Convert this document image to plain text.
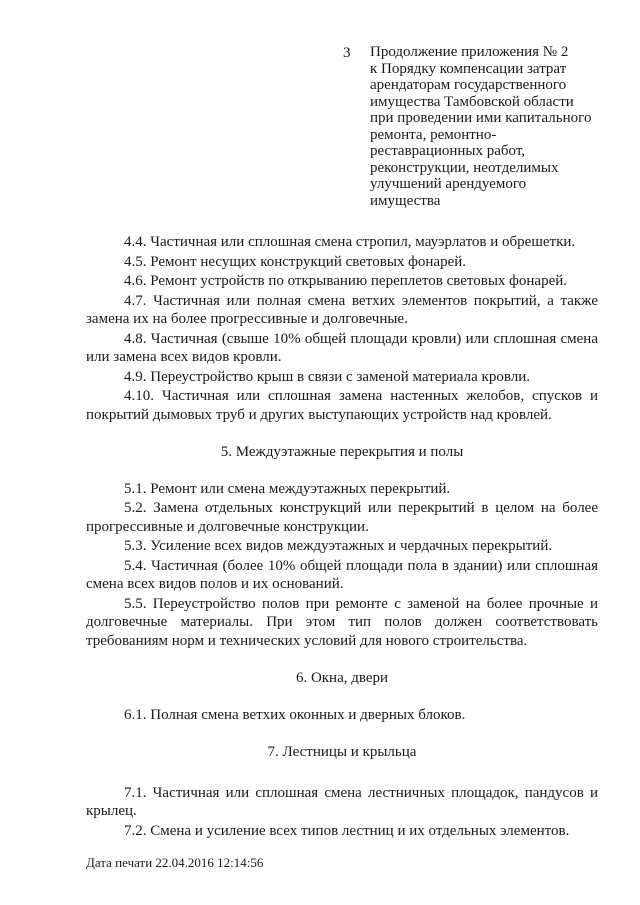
3 Продолжение приложения № 2
к Порядку компенсации затрат
арендаторам государственного
имущества Тамбовской области
при проведении ими капитального
ремонта, ремонтно-
реставрационных работ,
реконструкции, неотделимых
улучшений арендуемого
имущества

4.4. Частичная или сплошная смена стропил, мауэрлатов и обрешетки.

4.5. Ремонт несущих конструкций световых фонарей.

4.6. Ремонт устройств по открыванию переплетов световых фонарей.

4.7. Частичная или полная смена ветхих элементов покрытий, а также замена их на более прогрессивные и долговечные.

4.8. Частичная (свыше 10% общей площади кровли) или сплошная смена или замена всех видов кровли.

4.9. Переустройство крыш в связи с заменой материала кровли.

4.10. Частичная или сплошная замена настенных желобов, спусков и покрытий дымовых труб и других выступающих устройств над кровлей.

5. Междуэтажные перекрытия и полы

5.1. Ремонт или смена междуэтажных перекрытий.

5.2. Замена отдельных конструкций или перекрытий в целом на более прогрессивные и долговечные конструкции.

5.3. Усиление всех видов междуэтажных и чердачных перекрытий.

5.4. Частичная (более 10% общей площади пола в здании) или сплошная смена всех видов полов и их оснований.

5.5. Переустройство полов при ремонте с заменой на более прочные и долговечные материалы. При этом тип полов должен соответствовать требованиям норм и технических условий для нового строительства.

6. Окна, двери

6.1. Полная смена ветхих оконных и дверных блоков.

7. Лестницы и крыльца

7.1. Частичная или сплошная смена лестничных площадок, пандусов и крылец.

7.2. Смена и усиление всех типов лестниц и их отдельных элементов.

Дата печати 22.04.2016 12:14:56
